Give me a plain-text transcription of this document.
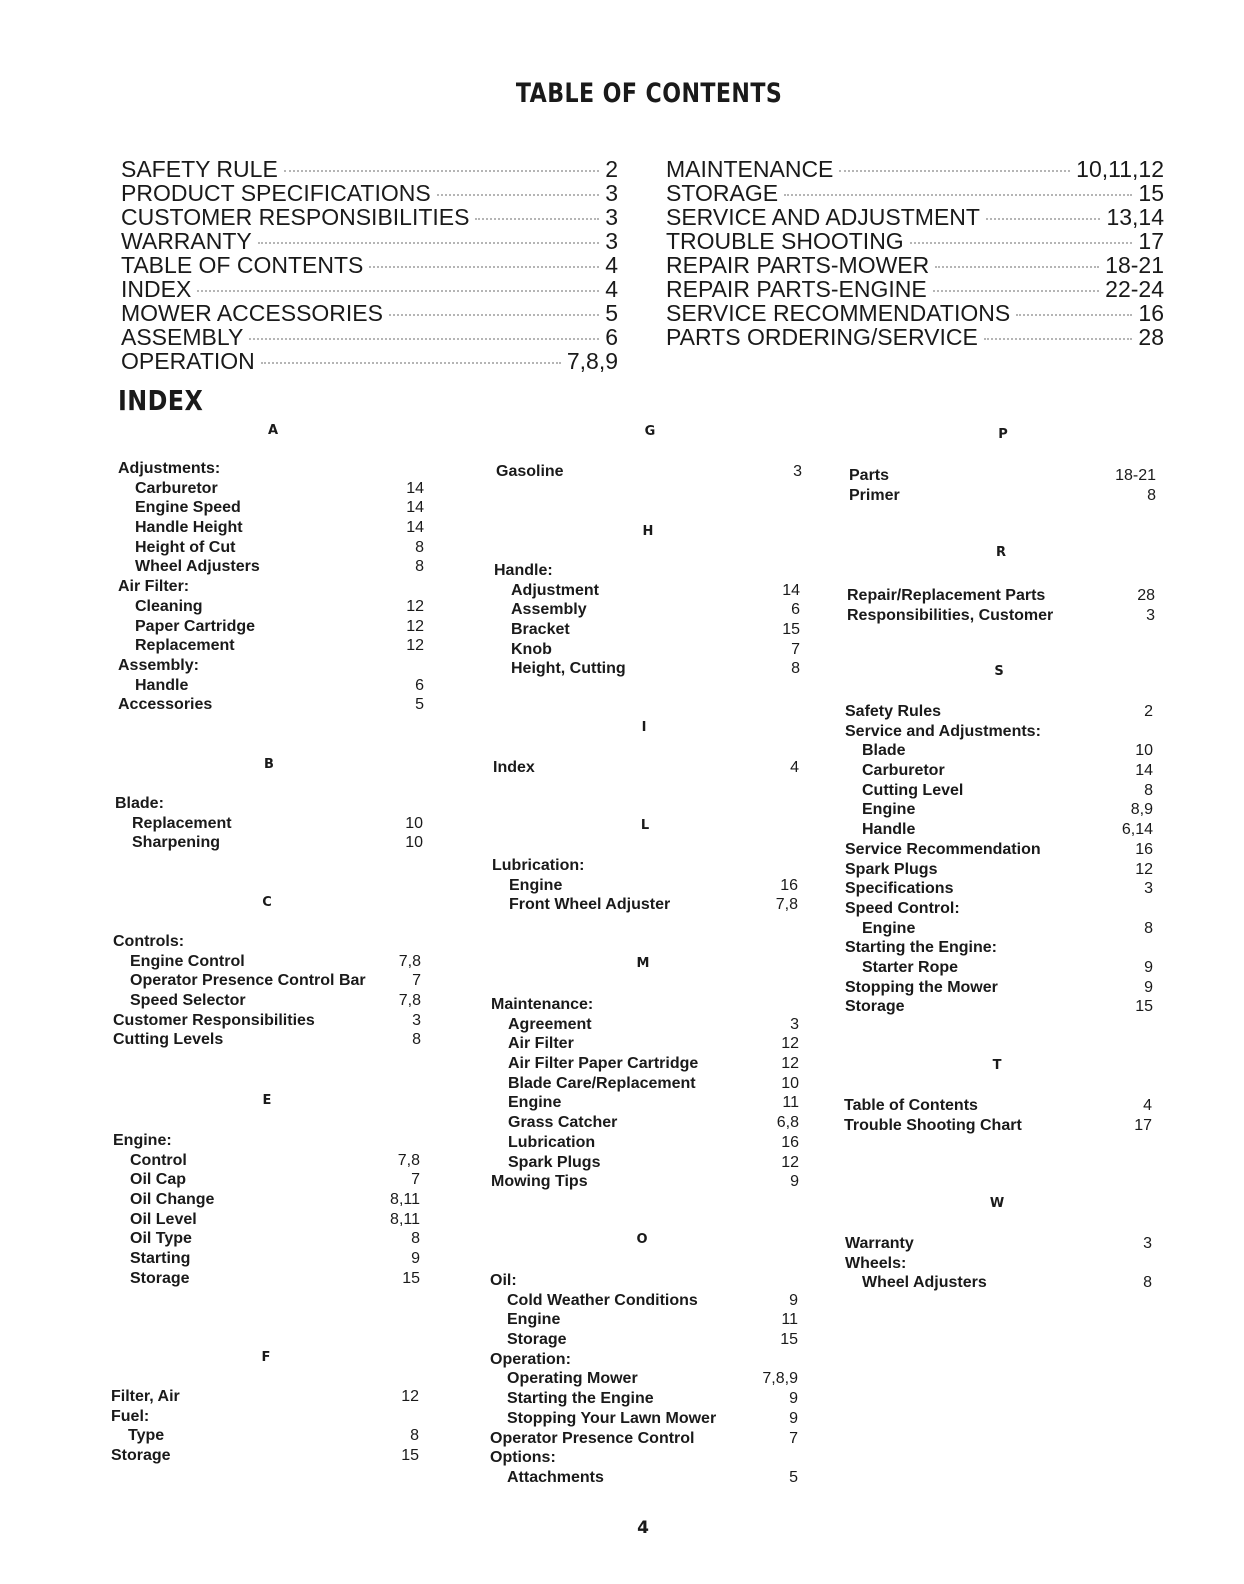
TABLE OF CONTENTS
SAFETY RULE	2
PRODUCT SPECIFICATIONS	3
CUSTOMER RESPONSIBILITIES	3
WARRANTY	3
TABLE OF CONTENTS	4
INDEX	4
MOWER ACCESSORIES	5
ASSEMBLY	6
OPERATION	7,8,9
MAINTENANCE	10,11,12
STORAGE	15
SERVICE AND ADJUSTMENT	13,14
TROUBLE SHOOTING	17
REPAIR PARTS-MOWER	18-21
REPAIR PARTS-ENGINE	22-24
SERVICE RECOMMENDATIONS	16
PARTS ORDERING/SERVICE	28
INDEX
A
Adjustments:
Carburetor	14
Engine Speed	14
Handle Height	14
Height of Cut	8
Wheel Adjusters	8
Air Filter:
Cleaning	12
Paper Cartridge	12
Replacement	12
Assembly:
Handle	6
Accessories	5
B
Blade:
Replacement	10
Sharpening	10
C
Controls:
Engine Control	7,8
Operator Presence Control Bar	7
Speed Selector	7,8
Customer Responsibilities	3
Cutting Levels	8
E
Engine:
Control	7,8
Oil Cap	7
Oil Change	8,11
Oil Level	8,11
Oil Type	8
Starting	9
Storage	15
F
Filter, Air	12
Fuel:
Type	8
Storage	15
G
Gasoline	3
H
Handle:
Adjustment	14
Assembly	6
Bracket	15
Knob	7
Height, Cutting	8
I
Index	4
L
Lubrication:
Engine	16
Front Wheel Adjuster	7,8
M
Maintenance:
Agreement	3
Air Filter	12
Air Filter Paper Cartridge	12
Blade Care/Replacement	10
Engine	11
Grass Catcher	6,8
Lubrication	16
Spark Plugs	12
Mowing Tips	9
O
Oil:
Cold Weather Conditions	9
Engine	11
Storage	15
Operation:
Operating Mower	7,8,9
Starting the Engine	9
Stopping Your Lawn Mower	9
Operator Presence Control	7
Options:
Attachments	5
P
Parts	18-21
Primer	8
R
Repair/Replacement Parts	28
Responsibilities, Customer	3
S
Safety Rules	2
Service and Adjustments:
Blade	10
Carburetor	14
Cutting Level	8
Engine	8,9
Handle	6,14
Service Recommendation	16
Spark Plugs	12
Specifications	3
Speed Control:
Engine	8
Starting the Engine:
Starter Rope	9
Stopping the Mower	9
Storage	15
T
Table of Contents	4
Trouble Shooting Chart	17
W
Warranty	3
Wheels:
Wheel Adjusters	8
4
